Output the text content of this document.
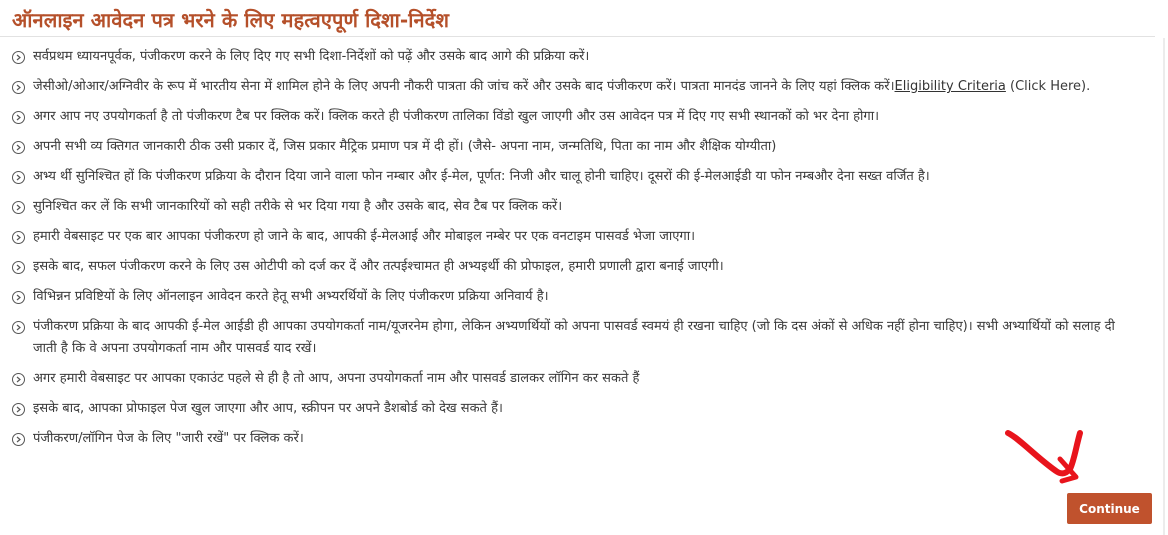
ऑनलाइन आवेदन पत्र भरने के लिए महत्वएपूर्ण दिशा-निर्देश
सर्वप्रथम ध्यायनपूर्वक, पंजीकरण करने के लिए दिए गए सभी दिशा-निर्देशों को पढ़ें और उसके बाद आगे की प्रक्रिया करें।
जेसीओ/ओआर/अग्निवीर के रूप में भारतीय सेना में शामिल होने के लिए अपनी नौकरी पात्रता की जांच करें और उसके बाद पंजीकरण करें। पात्रता मानदंड जानने के लिए यहां क्लिक करें।Eligibility Criteria (Click Here).
अगर आप नए उपयोगकर्ता है तो पंजीकरण टैब पर क्लिक करें। क्लिक करते ही पंजीकरण तालिका विंडो खुल जाएगी और उस आवेदन पत्र में दिए गए सभी स्थानकों को भर देना होगा।
अपनी सभी व्य क्तिगत जानकारी ठीक उसी प्रकार दें, जिस प्रकार मैट्रिक प्रमाण पत्र में दी हों। (जैसे- अपना नाम, जन्मतिथि, पिता का नाम और शैक्षिक योग्यीता)
अभ्य र्थी सुनिश्चित हों कि पंजीकरण प्रक्रिया के दौरान दिया जाने वाला फोन नम्बार और ई-मेल, पूर्णत: निजी और चालू होनी चाहिए। दूसरों की ई-मेलआईडी या फोन नम्बऔर देना सख्त वर्जित है।
सुनिश्चित कर लें कि सभी जानकारियों को सही तरीके से भर दिया गया है और उसके बाद, सेव टैब पर क्लिक करें।
हमारी वेबसाइट पर एक बार आपका पंजीकरण हो जाने के बाद, आपकी ई-मेलआई और मोबाइल नम्बेर पर एक वनटाइम पासवर्ड भेजा जाएगा।
इसके बाद, सफल पंजीकरण करने के लिए उस ओटीपी को दर्ज कर दें और तत्पईश्चामत ही अभ्यइर्थी की प्रोफाइल, हमारी प्रणाली द्वारा बनाई जाएगी।
विभिन्नन प्रविष्टियों के लिए ऑनलाइन आवेदन करते हेतू सभी अभ्यरर्थियों के लिए पंजीकरण प्रक्रिया अनिवार्य है।
पंजीकरण प्रक्रिया के बाद आपकी ई-मेल आईडी ही आपका उपयोगकर्ता नाम/यूजरनेम होगा, लेकिन अभ्यणर्थियों को अपना पासवर्ड स्वमयं ही रखना चाहिए (जो कि दस अंकों से अधिक नहीं होना चाहिए)। सभी अभ्यार्थियों को सलाह दी जाती है कि वे अपना उपयोगकर्ता नाम और पासवर्ड याद रखें।
अगर हमारी वेबसाइट पर आपका एकाउंट पहले से ही है तो आप, अपना उपयोगकर्ता नाम और पासवर्ड डालकर लॉगिन कर सकते हैं
इसके बाद, आपका प्रोफाइल पेज खुल जाएगा और आप, स्क्रीपन पर अपने डैशबोर्ड को देख सकते हैं।
पंजीकरण/लॉगिन पेज के लिए "जारी रखें" पर क्लिक करें।
Continue
